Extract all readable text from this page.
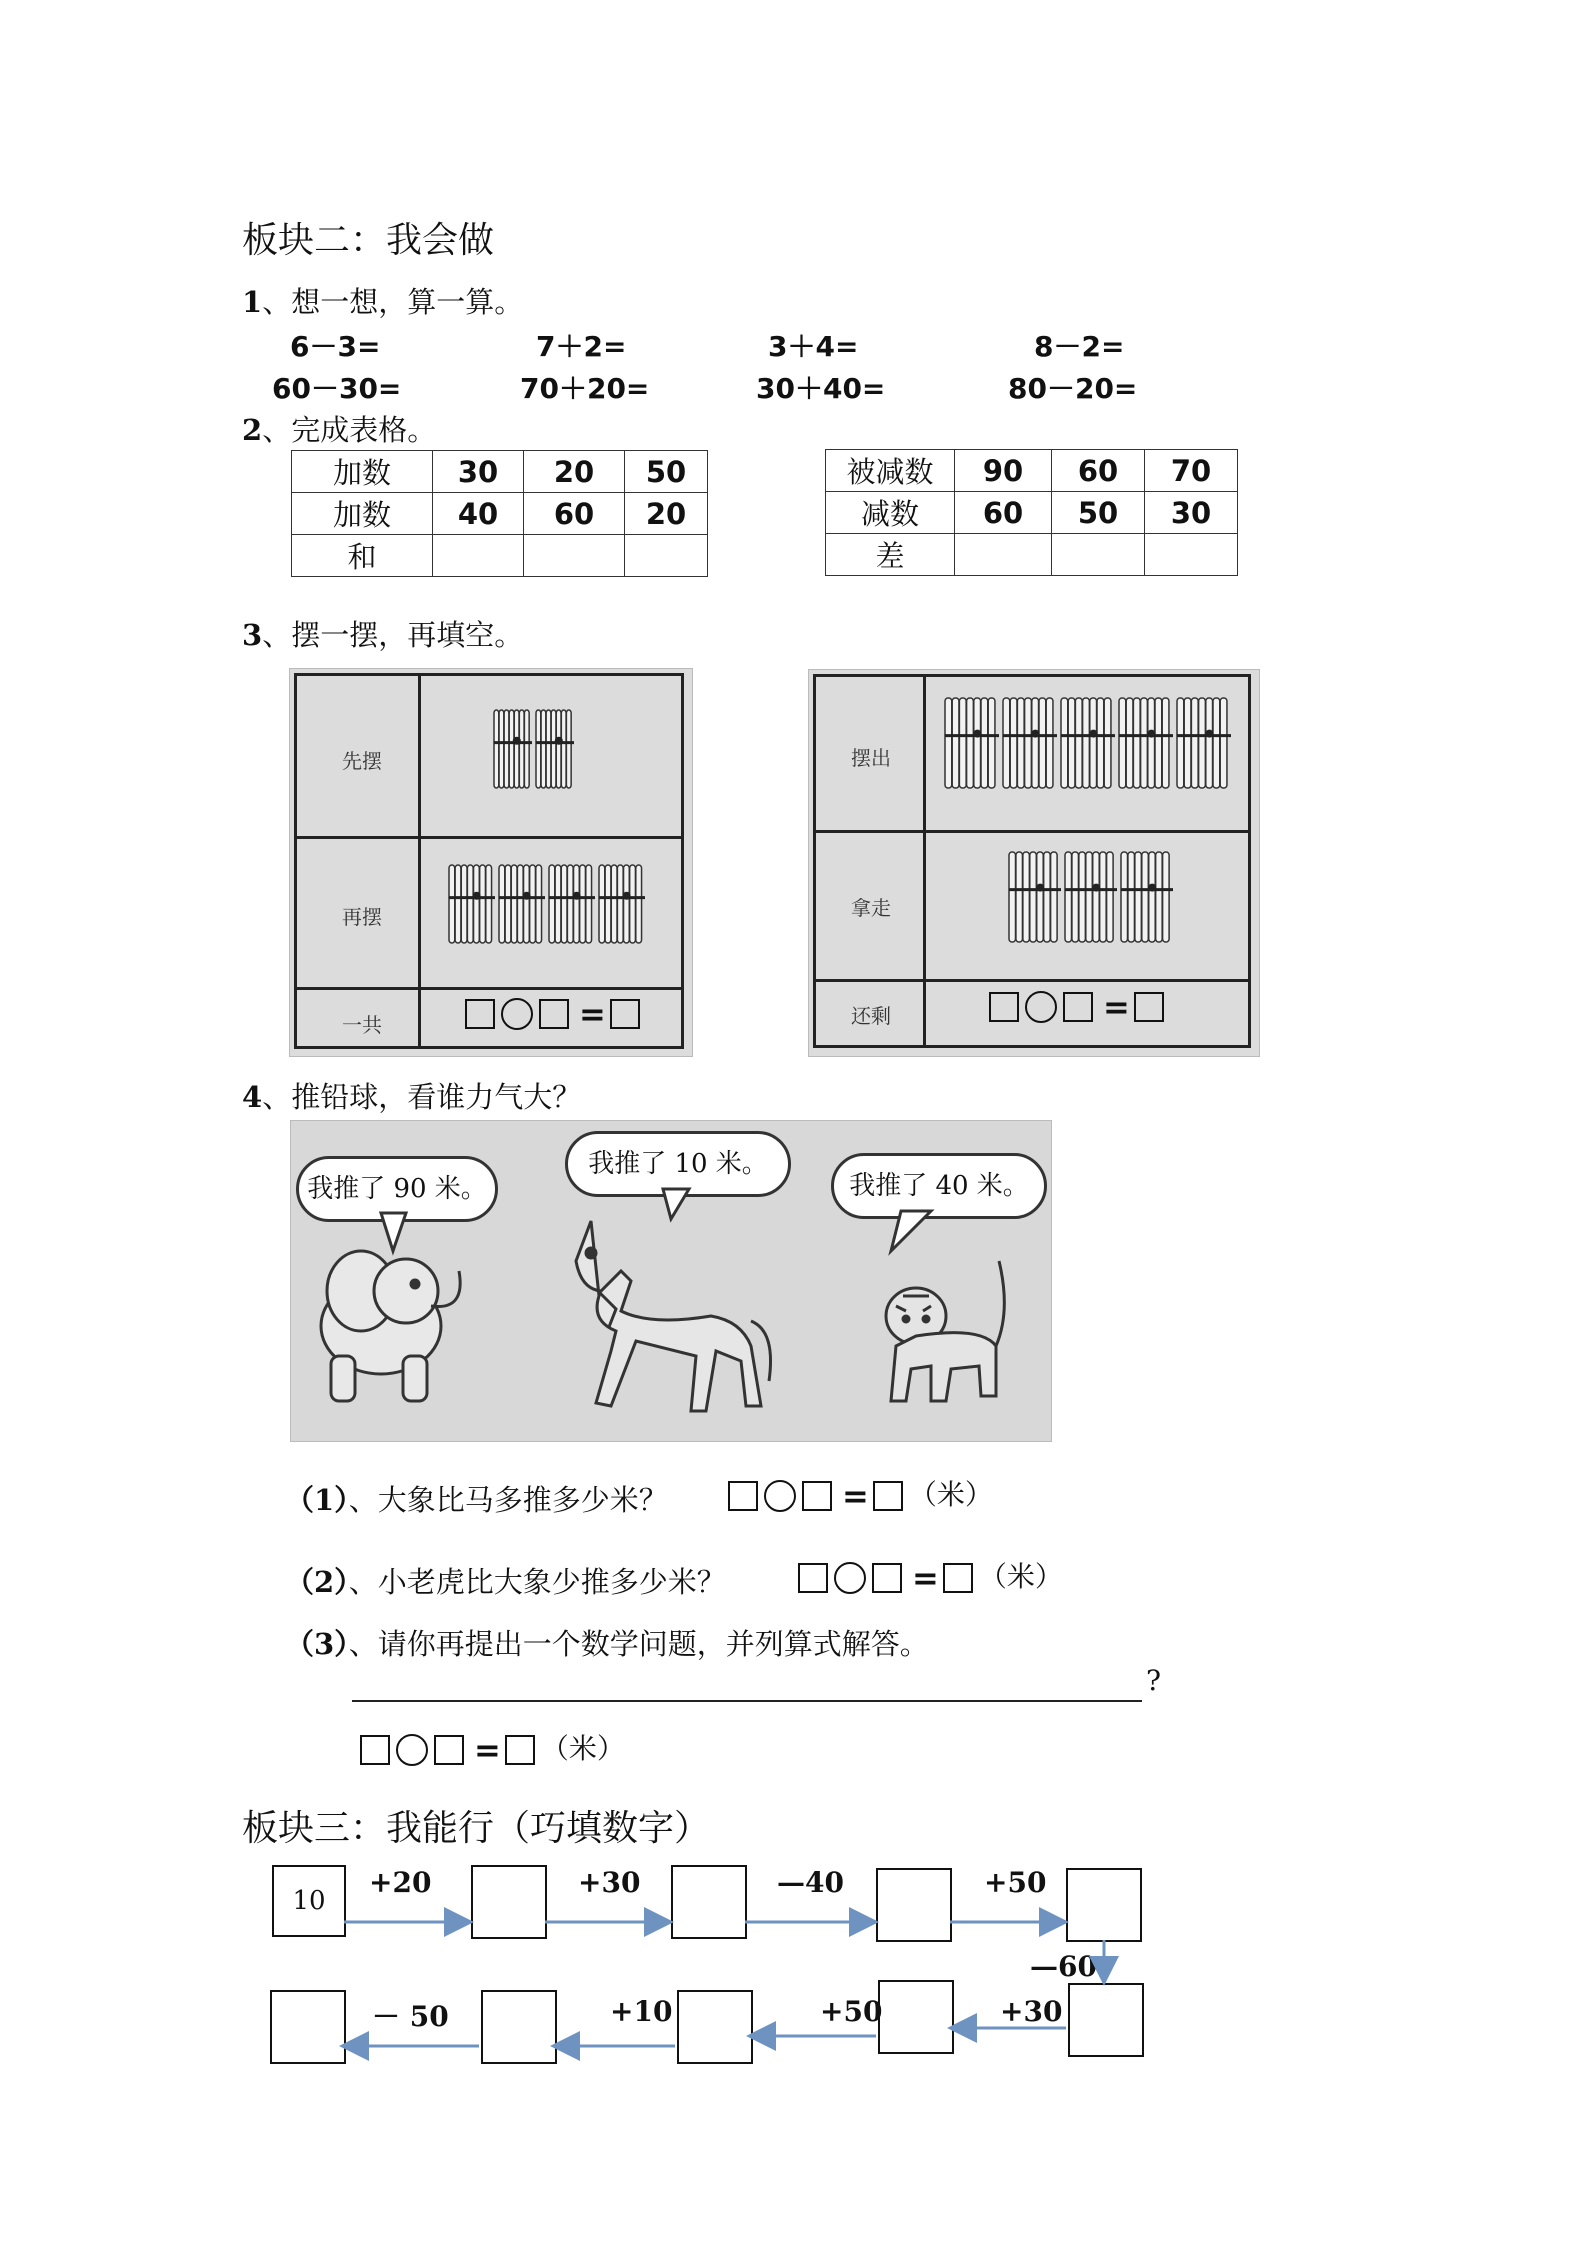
板块二：我会做
1、想一想，算一算。
6－3=	7＋2=	3＋4=	8－2=
60－30=	70＋20=	30＋40=	80－20=
2、完成表格。
加数	30	20	50
加数	40	60	20
和			
被减数	90	60	70
减数	60	50	30
差			
3、摆一摆，再填空。
先摆
再摆
一共	=
摆出
拿走
还剩	=
4、推铅球，看谁力气大？
我推了 90 米。
我推了 10 米。
我推了 40 米。
（1）、大象比马多推多少米？	= （米）
（2）、小老虎比大象少推多少米？	= （米）
（3）、请你再提出一个数学问题，并列算式解答。
?
= （米）
板块三：我能行（巧填数字）
10
+20	+30	—40	+50
—60
+30
+50
+10
－ 50
